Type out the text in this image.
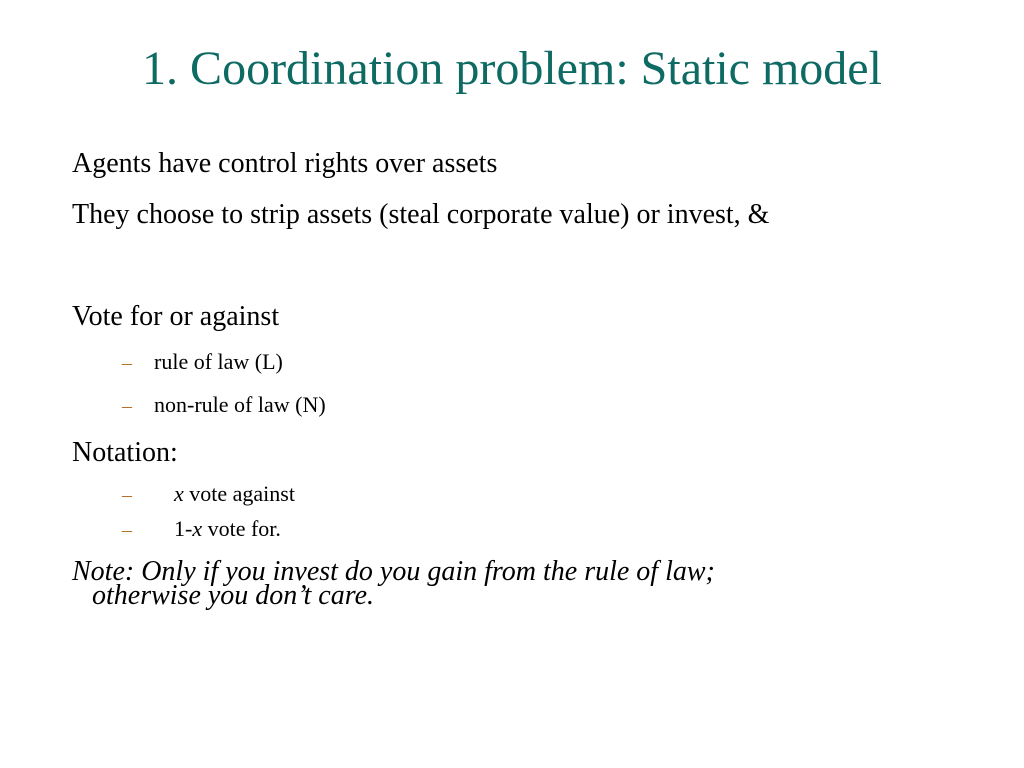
1. Coordination problem: Static model
Agents have control rights over assets
They choose to strip assets (steal corporate value) or invest, &
Vote for or against
– rule of law (L)
– non-rule of law (N)
Notation:
– x vote against
– 1-x vote for.
Note: Only if you invest do you gain from the rule of law;
otherwise you don’t care.
